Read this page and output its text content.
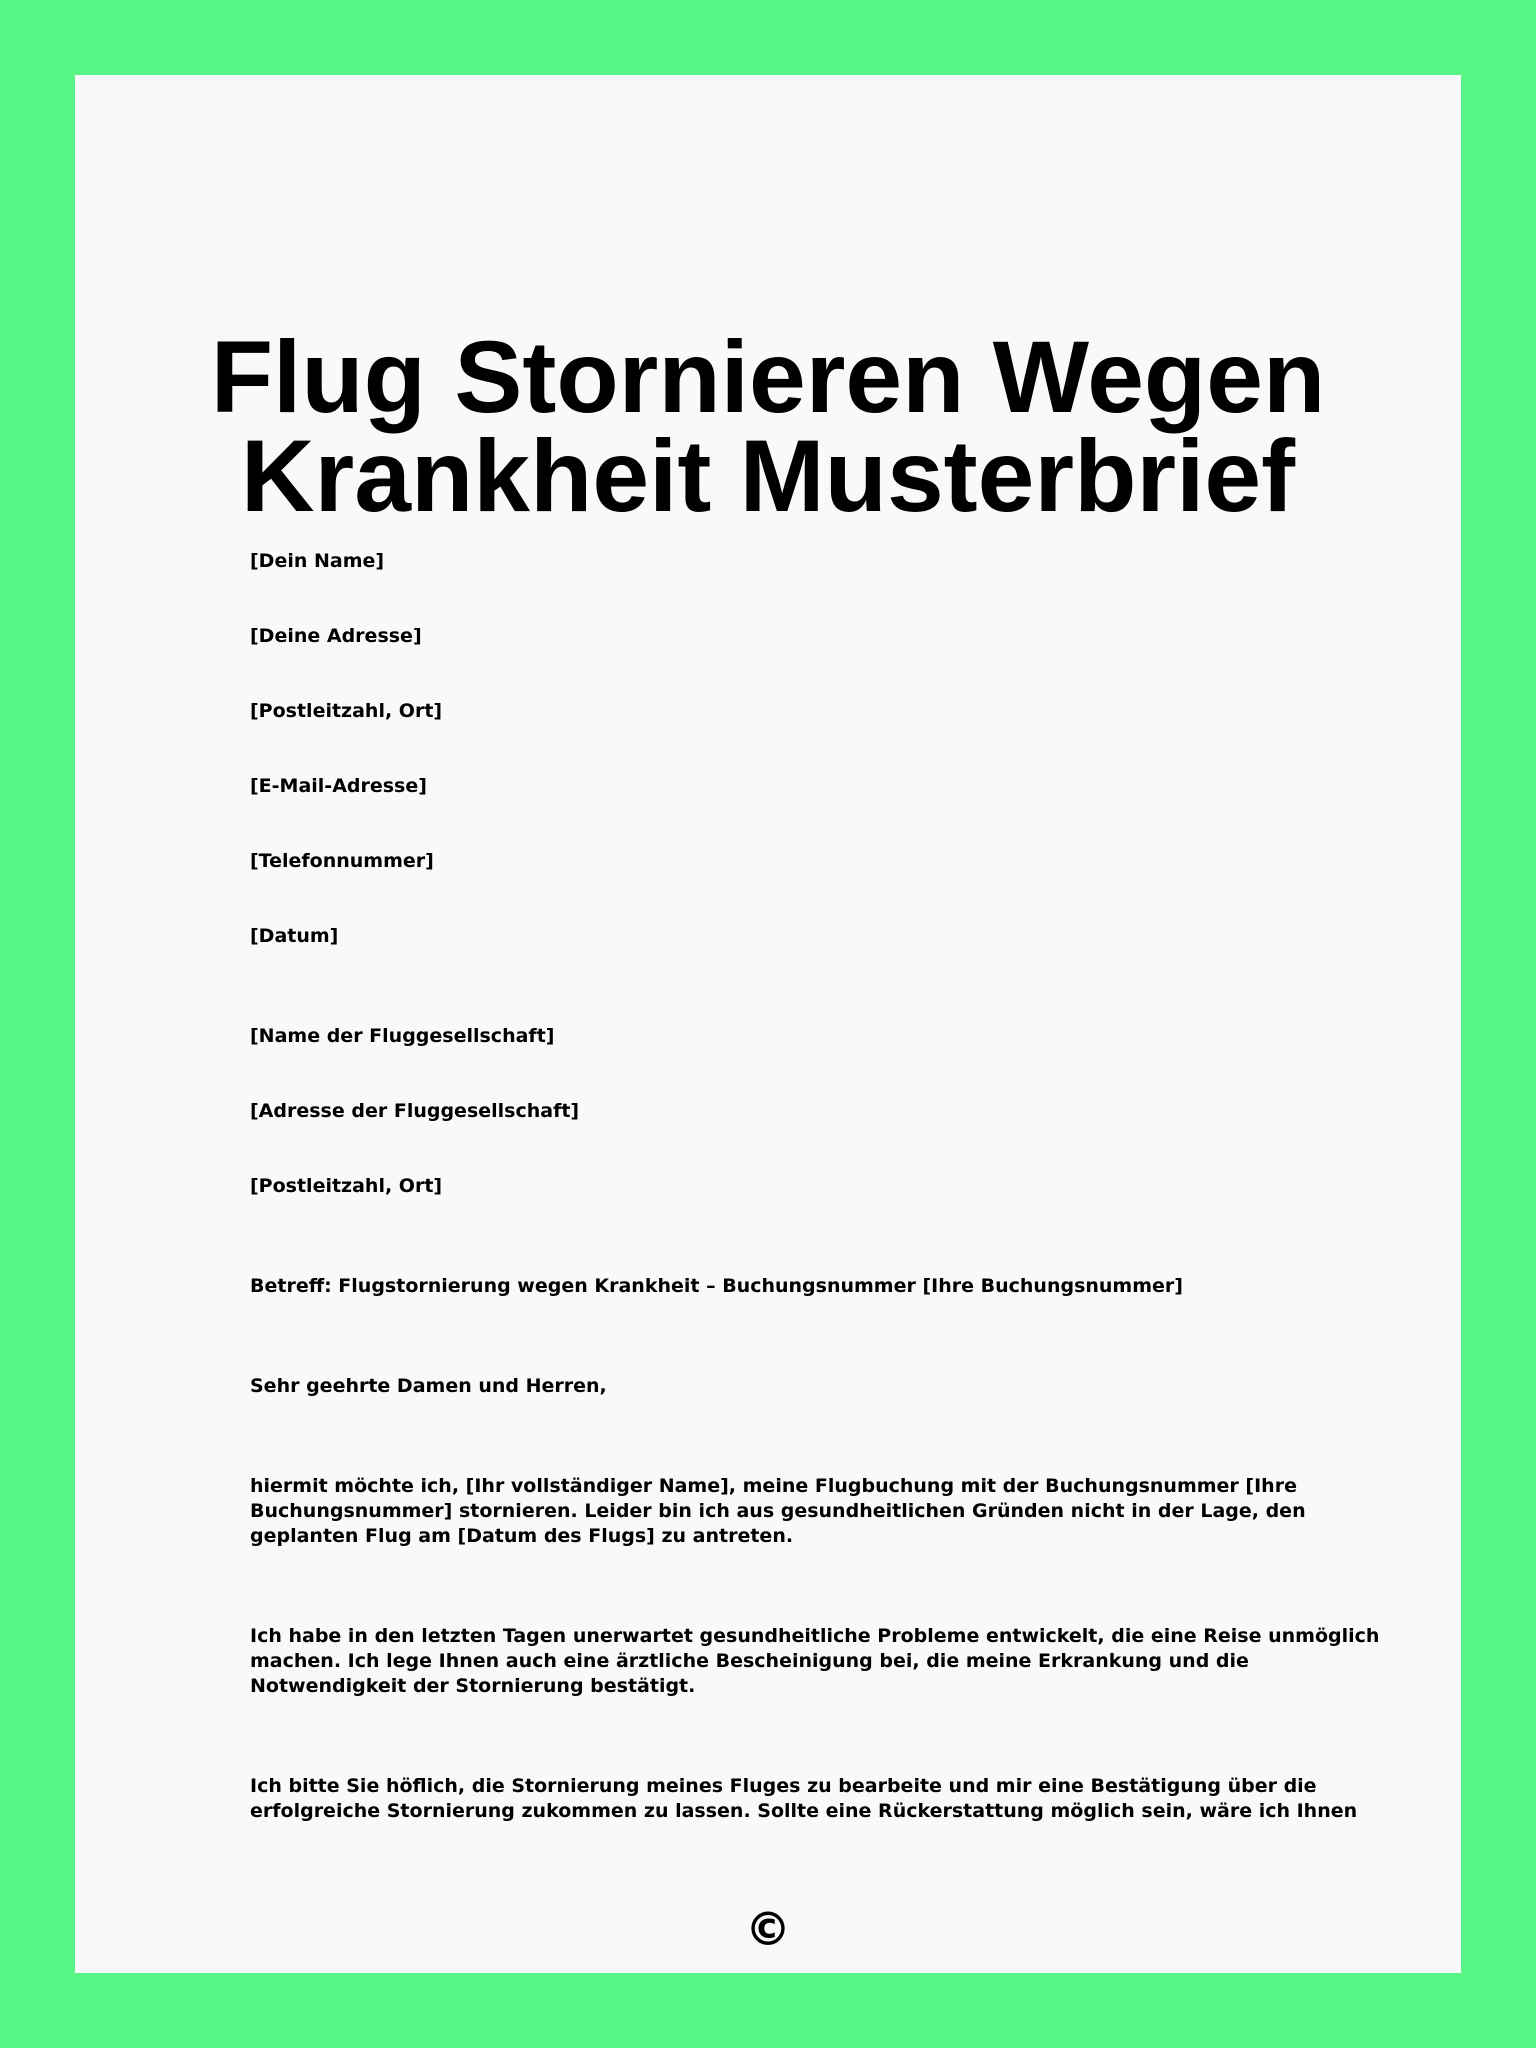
Flug Stornieren Wegen
Krankheit Musterbrief

[Dein Name]

[Deine Adresse]

[Postleitzahl, Ort]

[E-Mail-Adresse]

[Telefonnummer]

[Datum]

[Name der Fluggesellschaft]

[Adresse der Fluggesellschaft]

[Postleitzahl, Ort]

Betreff: Flugstornierung wegen Krankheit – Buchungsnummer [Ihre Buchungsnummer]

Sehr geehrte Damen und Herren,

hiermit möchte ich, [Ihr vollständiger Name], meine Flugbuchung mit der Buchungsnummer [Ihre
Buchungsnummer] stornieren. Leider bin ich aus gesundheitlichen Gründen nicht in der Lage, den
geplanten Flug am [Datum des Flugs] zu antreten.
Ich habe in den letzten Tagen unerwartet gesundheitliche Probleme entwickelt, die eine Reise unmöglich
machen. Ich lege Ihnen auch eine ärztliche Bescheinigung bei, die meine Erkrankung und die
Notwendigkeit der Stornierung bestätigt.
Ich bitte Sie höflich, die Stornierung meines Fluges zu bearbeite und mir eine Bestätigung über die
erfolgreiche Stornierung zukommen zu lassen. Sollte eine Rückerstattung möglich sein, wäre ich Ihnen
©
